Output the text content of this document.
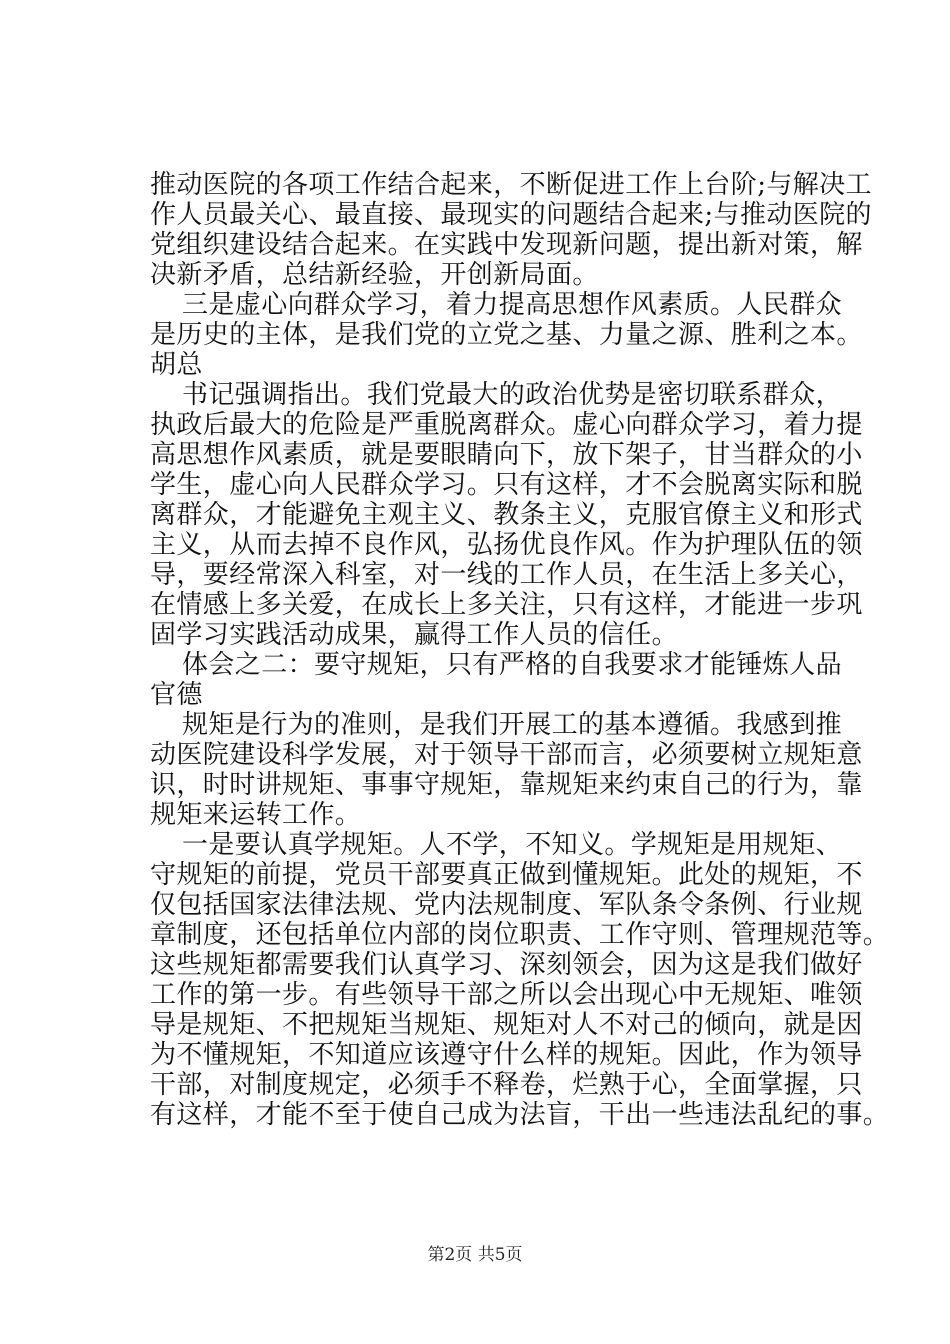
推动医院的各项工作结合起来，不断促进工作上台阶;与解决工
作人员最关心、最直接、最现实的问题结合起来;与推动医院的
党组织建设结合起来。在实践中发现新问题，提出新对策，解
决新矛盾，总结新经验，开创新局面。
三是虚心向群众学习，着力提高思想作风素质。人民群众
是历史的主体，是我们党的立党之基、力量之源、胜利之本。
胡总
书记强调指出。我们党最大的政治优势是密切联系群众，
执政后最大的危险是严重脱离群众。虚心向群众学习，着力提
高思想作风素质，就是要眼睛向下，放下架子，甘当群众的小
学生，虚心向人民群众学习。只有这样，才不会脱离实际和脱
离群众，才能避免主观主义、教条主义，克服官僚主义和形式
主义，从而去掉不良作风，弘扬优良作风。作为护理队伍的领
导，要经常深入科室，对一线的工作人员，在生活上多关心，
在情感上多关爱，在成长上多关注，只有这样，才能进一步巩
固学习实践活动成果，赢得工作人员的信任。
体会之二：要守规矩，只有严格的自我要求才能锤炼人品
官德
规矩是行为的准则，是我们开展工的基本遵循。我感到推
动医院建设科学发展，对于领导干部而言，必须要树立规矩意
识，时时讲规矩、事事守规矩，靠规矩来约束自己的行为，靠
规矩来运转工作。
一是要认真学规矩。人不学，不知义。学规矩是用规矩、
守规矩的前提，党员干部要真正做到懂规矩。此处的规矩，不
仅包括国家法律法规、党内法规制度、军队条令条例、行业规
章制度，还包括单位内部的岗位职责、工作守则、管理规范等。
这些规矩都需要我们认真学习、深刻领会，因为这是我们做好
工作的第一步。有些领导干部之所以会出现心中无规矩、唯领
导是规矩、不把规矩当规矩、规矩对人不对己的倾向，就是因
为不懂规矩，不知道应该遵守什么样的规矩。因此，作为领导
干部，对制度规定，必须手不释卷，烂熟于心，全面掌握，只
有这样，才能不至于使自己成为法盲，干出一些违法乱纪的事。
第2页 共5页
